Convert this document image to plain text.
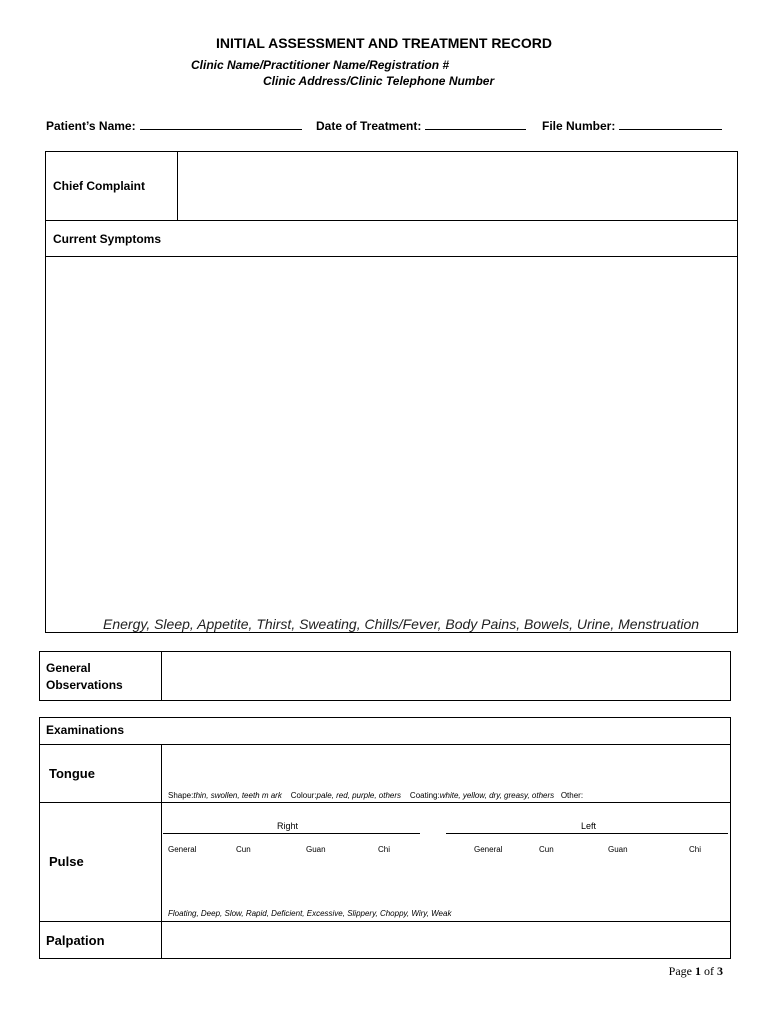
INITIAL ASSESSMENT AND TREATMENT RECORD
Clinic Name/Practitioner Name/Registration #
Clinic Address/Clinic Telephone Number
Patient’s Name:	Date of Treatment:	File Number:
Chief Complaint
Current Symptoms
Energy, Sleep, Appetite, Thirst, Sweating, Chills/Fever, Body Pains, Bowels, Urine, Menstruation
General
Observations
Examinations
Tongue
Shape:thin, swollen, teeth m ark Colour:pale, red, purple, others Coating:white, yellow, dry, greasy, others Other:
Pulse
Right	Left
General	Cun	Guan	Chi	General	Cun	Guan	Chi
Floating, Deep, Slow, Rapid, Deficient, Excessive, Slippery, Choppy, Wiry, Weak
Palpation
Page 1 of 3
